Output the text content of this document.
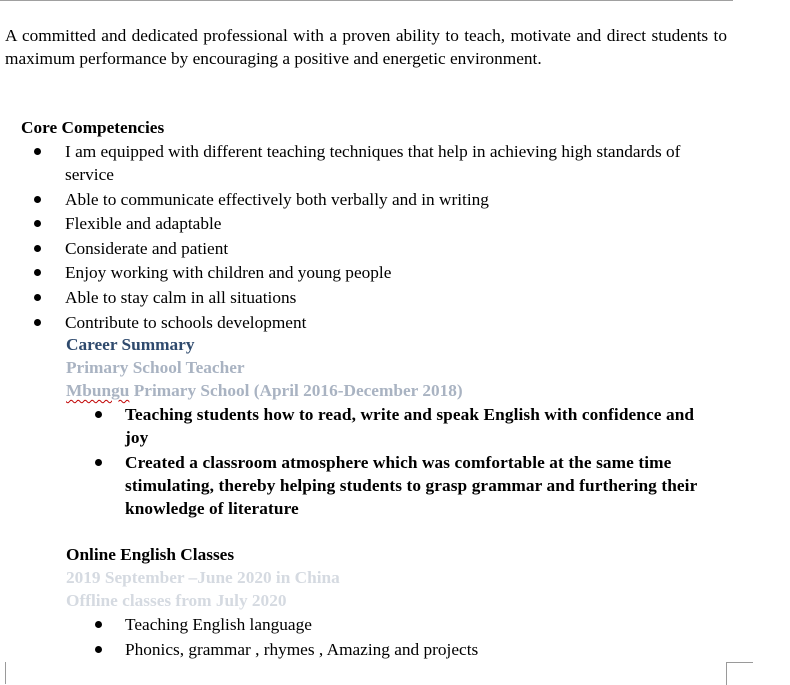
A committed and dedicated professional with a proven ability to teach, motivate and direct students to maximum performance by encouraging a positive and energetic environment.

Core Competencies
I am equipped with different teaching techniques that help in achieving high standards of service
Able to communicate effectively both verbally and in writing
Flexible and adaptable
Considerate and patient
Enjoy working with children and young people
Able to stay calm in all situations
Contribute to schools development
Career Summary
Primary School Teacher
Mbungu Primary School (April 2016-December 2018)
Teaching students how to read, write and speak English with confidence and joy
Created a classroom atmosphere which was comfortable at the same time stimulating, thereby helping students to grasp grammar and furthering their knowledge of literature
Online English Classes
2019 September –June 2020 in China
Offline classes from July 2020
Teaching English language
Phonics, grammar , rhymes , Amazing and projects
